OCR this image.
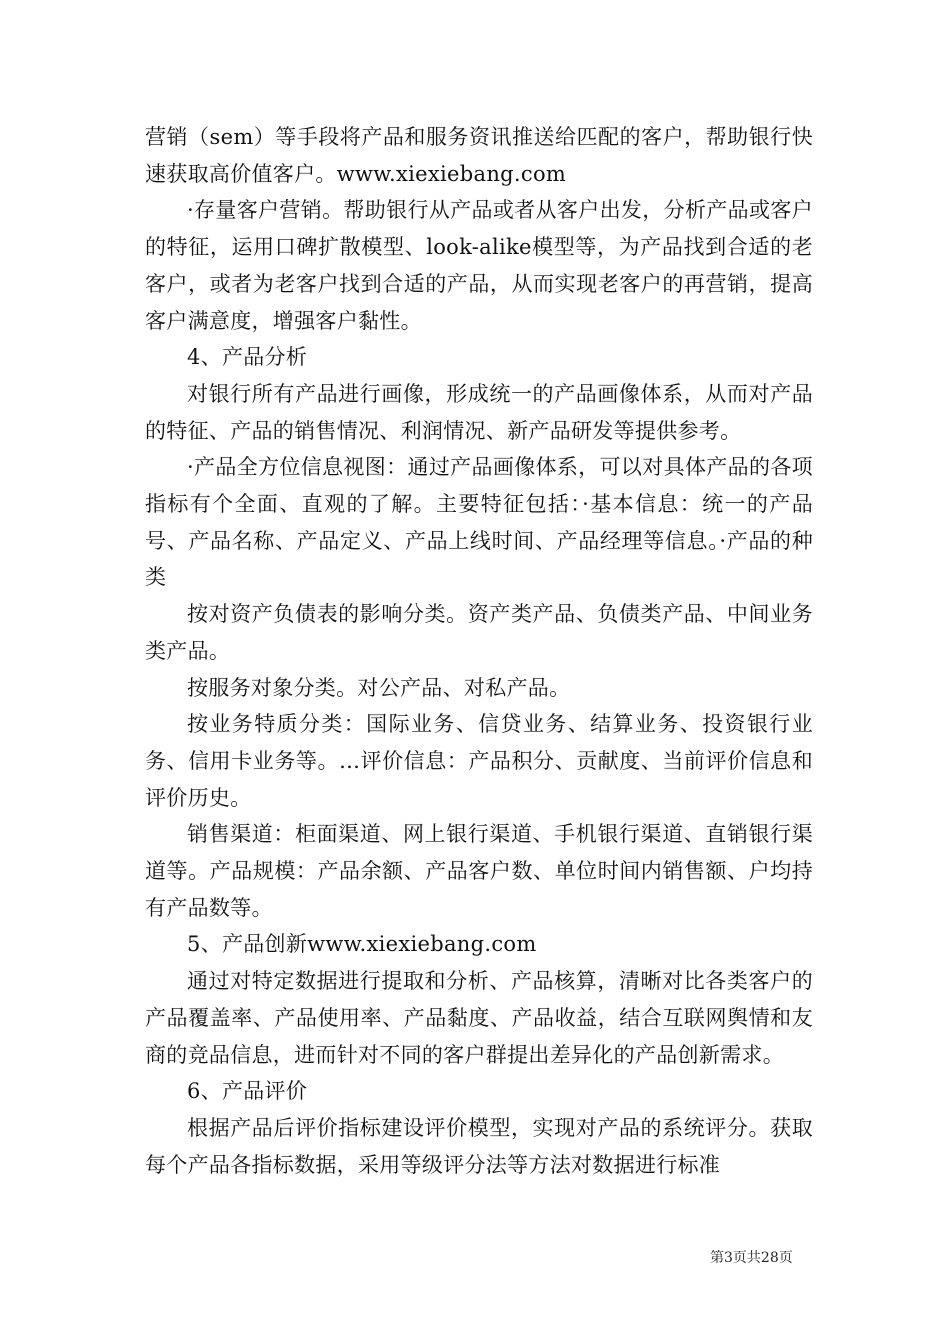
营销（sem）等手段将产品和服务资讯推送给匹配的客户，帮助银行快速获取高价值客户。www.xiexiebang.com

·存量客户营销。帮助银行从产品或者从客户出发，分析产品或客户的特征，运用口碑扩散模型、look-alike模型等，为产品找到合适的老客户，或者为老客户找到合适的产品，从而实现老客户的再营销，提高客户满意度，增强客户黏性。

4、产品分析

对银行所有产品进行画像，形成统一的产品画像体系，从而对产品的特征、产品的销售情况、利润情况、新产品研发等提供参考。

·产品全方位信息视图：通过产品画像体系，可以对具体产品的各项指标有个全面、直观的了解。主要特征包括：·基本信息：统一的产品号、产品名称、产品定义、产品上线时间、产品经理等信息。·产品的种类

按对资产负债表的影响分类。资产类产品、负债类产品、中间业务类产品。

按服务对象分类。对公产品、对私产品。

按业务特质分类：国际业务、信贷业务、结算业务、投资银行业务、信用卡业务等。…评价信息：产品积分、贡献度、当前评价信息和评价历史。

销售渠道：柜面渠道、网上银行渠道、手机银行渠道、直销银行渠道等。产品规模：产品余额、产品客户数、单位时间内销售额、户均持有产品数等。

5、产品创新www.xiexiebang.com

通过对特定数据进行提取和分析、产品核算，清晰对比各类客户的产品覆盖率、产品使用率、产品黏度、产品收益，结合互联网舆情和友商的竞品信息，进而针对不同的客户群提出差异化的产品创新需求。

6、产品评价

根据产品后评价指标建设评价模型，实现对产品的系统评分。获取每个产品各指标数据，采用等级评分法等方法对数据进行标准

第3页共28页
